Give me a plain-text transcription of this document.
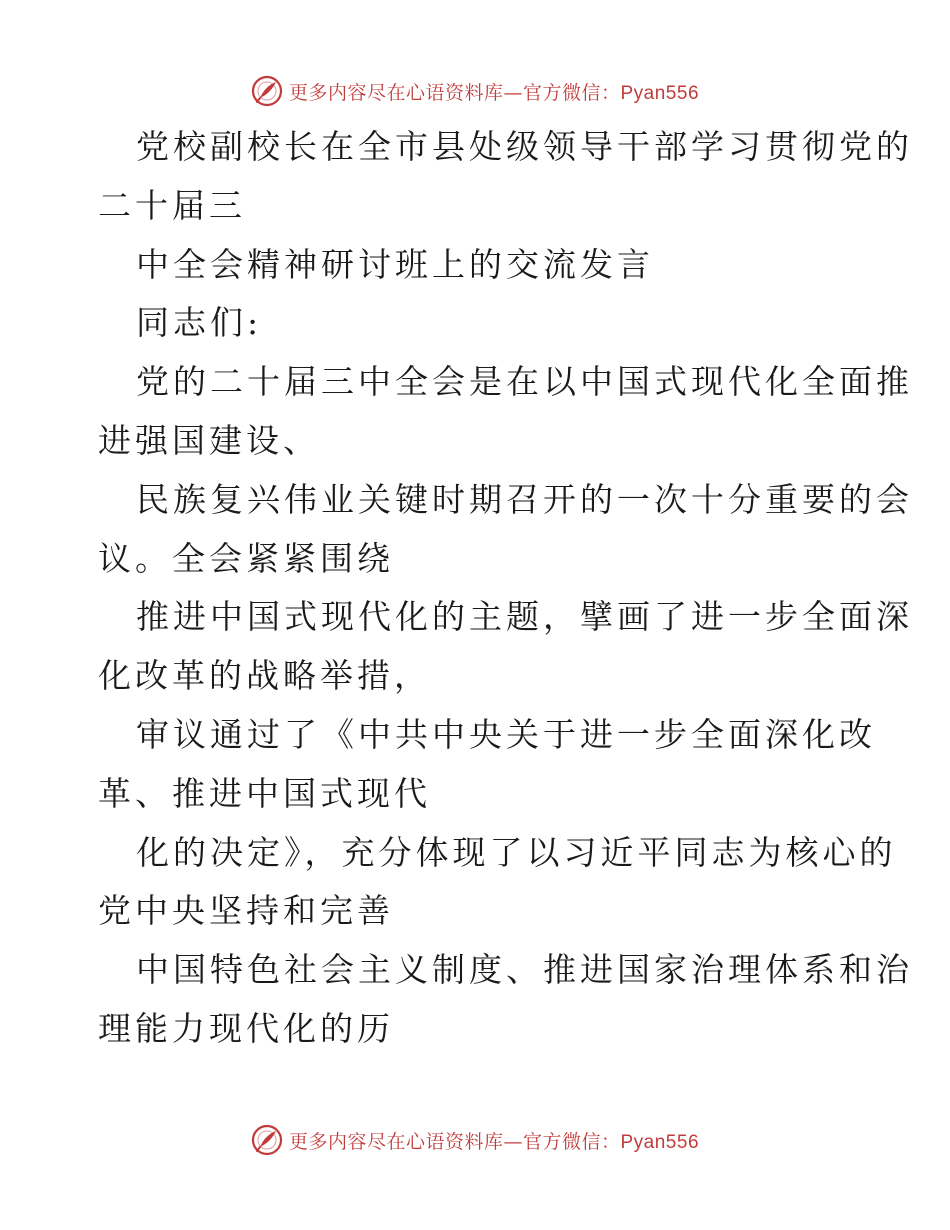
更多内容尽在心语资料库—官方微信：Pyan556
党校副校长在全市县处级领导干部学习贯彻党的
二十届三
中全会精神研讨班上的交流发言
同志们:
党的二十届三中全会是在以中国式现代化全面推
进强国建设、
民族复兴伟业关键时期召开的一次十分重要的会
议。全会紧紧围绕
推进中国式现代化的主题，擘画了进一步全面深
化改革的战略举措，
审议通过了《中共中央关于进一步全面深化改
革、推进中国式现代
化的决定》，充分体现了以习近平同志为核心的
党中央坚持和完善
中国特色社会主义制度、推进国家治理体系和治
理能力现代化的历
更多内容尽在心语资料库—官方微信：Pyan556
